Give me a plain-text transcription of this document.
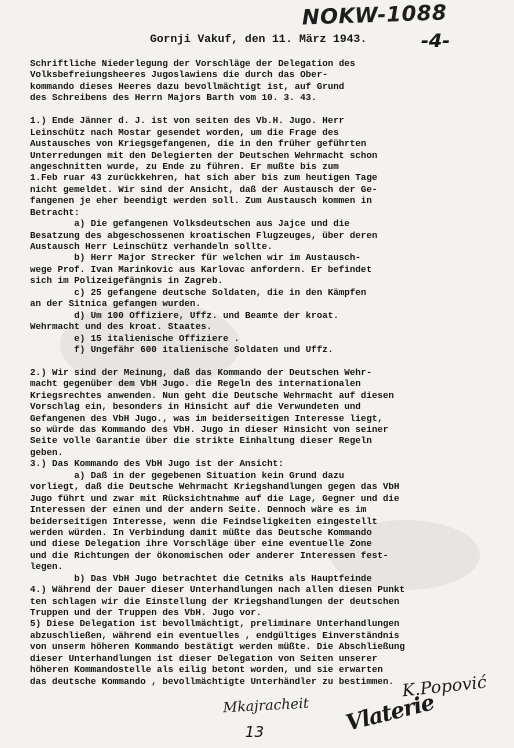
NOKW-1088
-4-
Gornji Vakuf, den 11. März 1943.
Schriftliche Niederlegung der Vorschläge der Delegation des
Volksbefreiungsheeres Jugoslawiens die durch das Ober-
kommando dieses Heeres dazu bevollmächtigt ist, auf Grund
des Schreibens des Herrn Majors Barth vom 10. 3. 43.
1.) Ende Jänner d. J. ist von seiten des Vb.H. Jugo. Herr
Leinschütz nach Mostar gesendet worden, um die Frage des
Austausches von Kriegsgefangenen, die in den früher geführten
Unterredungen mit den Delegierten der Deutschen Wehrmacht schon
angeschnitten wurde, zu Ende zu führen. Er mußte bis zum
1.Feb ruar 43 zurückkehren, hat sich aber bis zum heutigen Tage
nicht gemeldet. Wir sind der Ansicht, daß der Austausch der Ge-
fangenen je eher beendigt werden soll. Zum Austausch kommen in
Betracht:
a) Die gefangenen Volksdeutschen aus Jajce und die
Besatzung des abgeschossenen kroatischen Flugzeuges, über deren
Austausch Herr Leinschütz verhandeln sollte.
b) Herr Major Strecker für welchen wir im Austausch-
wege Prof. Ivan Marinkovic aus Karlovac anfordern. Er befindet
sich im Polizeigefängnis in Zagreb.
c) 25 gefangene deutsche Soldaten, die in den Kämpfen
an der Sitnica gefangen wurden.
d) Um 100 Offiziere, Uffz. und Beamte der kroat.
Wehrmacht und des kroat. Staates.
e) 15 italienische Offiziere .
f) Ungefähr 600 italienische Soldaten und Uffz.
2.) Wir sind der Meinung, daß das Kommando der Deutschen Wehr-
macht gegenüber dem VbH Jugo. die Regeln des internationalen
Kriegsrechtes anwenden. Nun geht die Deutsche Wehrmacht auf diesen
Vorschlag ein, besonders in Hinsicht auf die Verwundeten und
Gefangenen des VbH Jugo., was im beiderseitigen Interesse liegt,
so würde das Kommando des VbH. Jugo in dieser Hinsicht von seiner
Seite volle Garantie über die strikte Einhaltung dieser Regeln
geben.
3.) Das Kommando des VbH Jugo ist der Ansicht:
a) Daß in der gegebenen Situation kein Grund dazu
vorliegt, daß die Deutsche Wehrmacht Kriegshandlungen gegen das VbH
Jugo führt und zwar mit Rücksichtnahme auf die Lage, Gegner und die
Interessen der einen und der andern Seite. Dennoch wäre es im
beiderseitigen Interesse, wenn die Feindseligkeiten eingestellt
werden würden. In Verbindung damit müßte das Deutsche Kommando
und diese Delegation ihre Vorschläge über eine eventuelle Zone
und die Richtungen der ökonomischen oder anderer Interessen fest-
legen.
b) Das VbH Jugo betrachtet die Cetniks als Hauptfeinde
4.) Während der Dauer dieser Unterhandlungen nach allen diesen Punkt
ten schlagen wir die Einstellung der Kriegshandlungen der deutschen
Truppen und der Truppen des VbH. Jugo vor.
5) Diese Delegation ist bevollmächtigt, preliminare Unterhandlungen
abzuschließen, während ein eventuelles , endgültiges Einverständnis
von unserm höheren Kommando bestätigt werden müßte. Die Abschließung
dieser Unterhandlungen ist dieser Delegation von Seiten unserer
höheren Kommandostelle als eilig betont worden, und sie erwarten
das deutsche Kommando , bevollmächtigte Unterhändler zu bestimmen. K.Popović
Mkajracheit Vlaterie
13
